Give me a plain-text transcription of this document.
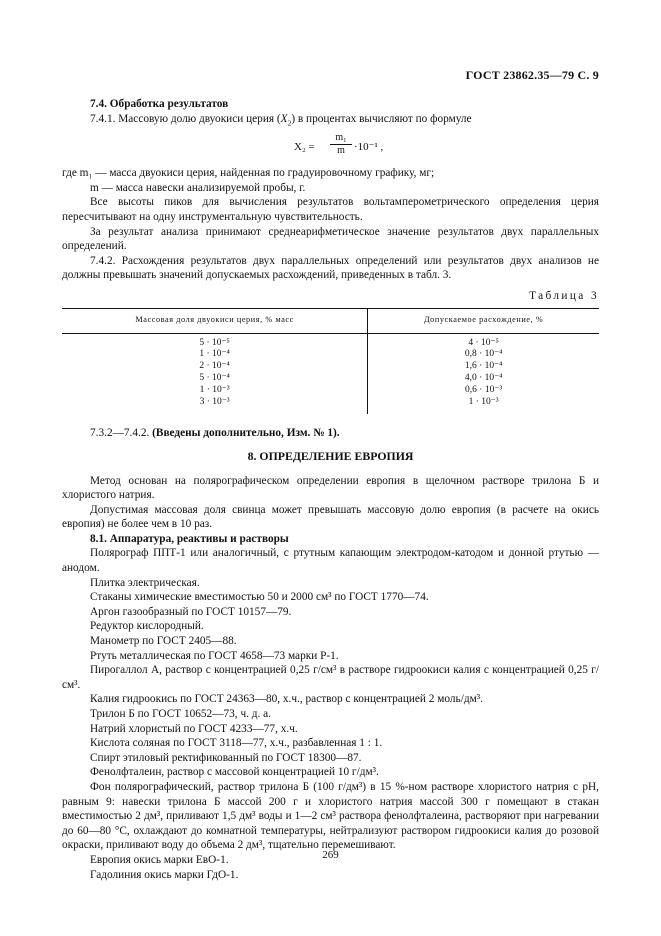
ГОСТ 23862.35—79 С. 9

7.4. Обработка результатов

7.4.1. Массовую долю двуокиси церия $(X_2)$ в процентах вычисляют по формуле

$X_2 = \frac{\text{m₁}}{m} \cdot 10^{-1}$ ,

где m₁ — масса двуокиси церия, найденная по градуировочному графику, мг;

m — масса навески анализируемой пробы, г.

Все высоты пиков для вычисления результатов вольтамперометрического определения церия пересчитывают на одну инструментальную чувствительность.

За результат анализа принимают среднеарифметическое значение результатов двух параллельных определений.

7.4.2. Расхождения результатов двух параллельных определений или результатов двух анализов не должны превышать значений допускаемых расхождений, приведенных в табл. 3.

Таблица 3
Массовая доля двуокиси церия, % масс	Допускаемое расхождение, %
5 · 10⁻⁵	4 · 10⁻⁵
1 · 10⁻⁴	0,8 · 10⁻⁴
2 · 10⁻⁴	1,6 · 10⁻⁴
5 · 10⁻⁴	4,0 · 10⁻⁴
1 · 10⁻³	0,6 · 10⁻³
3 · 10⁻³	1 · 10⁻³

7.3.2—7.4.2. (Введены дополнительно, Изм. № 1).

8. ОПРЕДЕЛЕНИЕ ЕВРОПИЯ

Метод основан на полярографическом определении европия в щелочном растворе трилона Б и хлористого натрия.

Допустимая массовая доля свинца может превышать массовую долю европия (в расчете на окись европия) не более чем в 10 раз.

8.1. Аппаратура, реактивы и растворы

Полярограф ППТ-1 или аналогичный, с ртутным капающим электродом-катодом и донной ртутью — анодом.

Плитка электрическая.

Стаканы химические вместимостью 50 и 2000 см³ по ГОСТ 1770—74.

Аргон газообразный по ГОСТ 10157—79.

Редуктор кислородный.

Манометр по ГОСТ 2405—88.

Ртуть металлическая по ГОСТ 4658—73 марки Р-1.

Пирогаллол А, раствор с концентрацией 0,25 г/см³ в растворе гидроокиси калия с концентрацией 0,25 г/см³.

Калия гидроокись по ГОСТ 24363—80, х.ч., раствор с концентрацией 2 моль/дм³.

Трилон Б по ГОСТ 10652—73, ч. д. а.

Натрий хлористый по ГОСТ 4233—77, х.ч.

Кислота соляная по ГОСТ 3118—77, х.ч., разбавленная 1 : 1.

Спирт этиловый ректификованный по ГОСТ 18300—87.

Фенолфталеин, раствор с массовой концентрацией 10 г/дм³.

Фон полярографический, раствор трилона Б (100 г/дм³) в 15 %-ном растворе хлористого натрия с рН, равным 9: навески трилона Б массой 200 г и хлористого натрия массой 300 г помещают в стакан вместимостью 2 дм³, приливают 1,5 дм³ воды и 1—2 см³ раствора фенолфталеина, растворяют при нагревании до 60—80 °С, охлаждают до комнатной температуры, нейтрализуют раствором гидроокиси калия до розовой окраски, приливают воду до объема 2 дм³, тщательно перемешивают.

Европия окись марки ЕвО-1.

Гадолиния окись марки ГдО-1.

269
